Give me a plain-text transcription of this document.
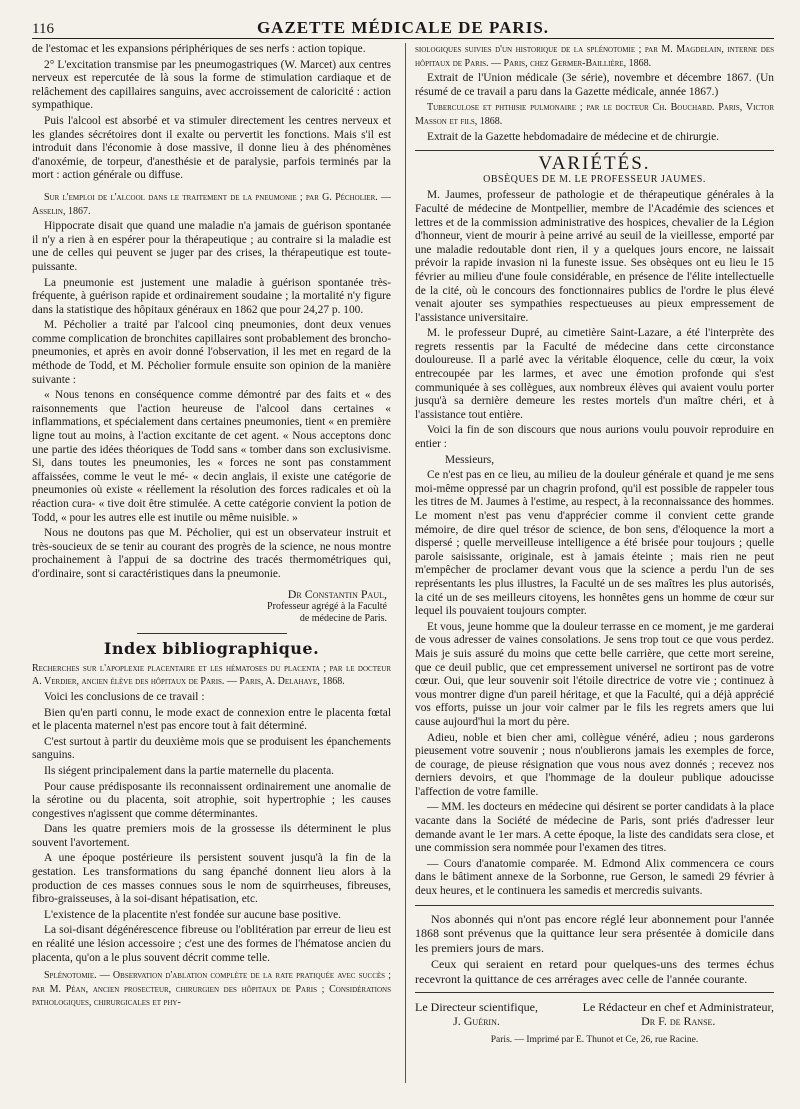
116	GAZETTE MÉDICALE DE PARIS.

de l'estomac et les expansions périphériques de ses nerfs : action topique.

2° L'excitation transmise par les pneumogastriques (W. Marcet) aux centres nerveux est repercutée de là sous la forme de stimulation cardiaque et de relâchement des capillaires sanguins, avec accroissement de caloricité : action sympathique.

Puis l'alcool est absorbé et va stimuler directement les centres nerveux et les glandes sécrétoires dont il exalte ou pervertit les fonctions. Mais s'il est introduit dans l'économie à dose massive, il donne lieu à des phénomènes d'anoxémie, de torpeur, d'anesthésie et de paralysie, parfois terminés par la mort : action générale ou diffuse.

Sur l'emploi de l'alcool dans le traitement de la pneumonie ; par G. Pécholier. — Asselin, 1867.

Hippocrate disait que quand une maladie n'a jamais de guérison spontanée il n'y a rien à en espérer pour la thérapeutique ; au contraire si la maladie est une de celles qui peuvent se juger par des crises, la thérapeutique est toute-puissante.

La pneumonie est justement une maladie à guérison spontanée très-fréquente, à guérison rapide et ordinairement soudaine ; la mortalité n'y figure dans la statistique des hôpitaux généraux en 1862 que pour 24,27 p. 100.

M. Pécholier a traité par l'alcool cinq pneumonies, dont deux venues comme complication de bronchites capillaires sont probablement des broncho-pneumonies, et après en avoir donné l'observation, il les met en regard de la méthode de Todd, et M. Pécholier formule ensuite son opinion de la manière suivante :

« Nous tenons en conséquence comme démontré par des faits et « des raisonnements que l'action heureuse de l'alcool dans certaines « inflammations, et spécialement dans certaines pneumonies, tient « en première ligne tout au moins, à l'action excitante de cet agent. « Nous acceptons donc une partie des idées théoriques de Todd sans « tomber dans son exclusivisme. Si, dans toutes les pneumonies, les « forces ne sont pas constamment affaissées, comme le veut le mé- « decin anglais, il existe une catégorie de pneumonies où existe « réellement la résolution des forces radicales et où la réaction cura- « tive doit être stimulée. A cette catégorie convient la potion de Todd, « pour les autres elle est inutile ou même nuisible. »

Nous ne doutons pas que M. Pécholier, qui est un observateur instruit et très-soucieux de se tenir au courant des progrès de la science, ne nous montre prochainement à l'appui de sa doctrine des tracés thermométriques qui, d'ordinaire, sont si caractéristiques dans la pneumonie.

Dr Constantin Paul,
Professeur agrégé à la Faculté
de médecine de Paris.
Index bibliographique.

Recherches sur l'apoplexie placentaire et les hématoses du placenta ; par le docteur A. Verdier, ancien élève des hôpitaux de Paris. — Paris, A. Delahaye, 1868.

Voici les conclusions de ce travail :

Bien qu'en parti connu, le mode exact de connexion entre le placenta fœtal et le placenta maternel n'est pas encore tout à fait déterminé.

C'est surtout à partir du deuxième mois que se produisent les épanchements sanguins.

Ils siégent principalement dans la partie maternelle du placenta.

Pour cause prédisposante ils reconnaissent ordinairement une anomalie de la sérotine ou du placenta, soit atrophie, soit hypertrophie ; les causes congestives n'agissent que comme déterminantes.

Dans les quatre premiers mois de la grossesse ils déterminent le plus souvent l'avortement.

A une époque postérieure ils persistent souvent jusqu'à la fin de la gestation. Les transformations du sang épanché donnent lieu alors à la production de ces masses connues sous le nom de squirrheuses, fibreuses, fibro-graisseuses, à la soi-disant hépatisation, etc.

L'existence de la placentite n'est fondée sur aucune base positive.

La soi-disant dégénérescence fibreuse ou l'oblitération par erreur de lieu est en réalité une lésion accessoire ; c'est une des formes de l'hématose ancien du placenta, qu'on a le plus souvent décrit comme telle.

Splénotomie. — Observation d'ablation complète de la rate pratiquée avec succès ; par M. Péan, ancien prosecteur, chirurgien des hôpitaux de Paris ; Considérations pathologiques, chirurgicales et phy-

siologiques suivies d'un historique de la splénotomie ; par M. Magdelain, interne des hôpitaux de Paris. — Paris, chez Germer-Baillière, 1868.

Extrait de l'Union médicale (3e série), novembre et décembre 1867. (Un résumé de ce travail a paru dans la Gazette médicale, année 1867.)

Tuberculose et phthisie pulmonaire ; par le docteur Ch. Bouchard. Paris, Victor Masson et fils, 1868.

Extrait de la Gazette hebdomadaire de médecine et de chirurgie.

VARIÉTÉS.
OBSÈQUES DE M. LE PROFESSEUR JAUMES.

M. Jaumes, professeur de pathologie et de thérapeutique générales à la Faculté de médecine de Montpellier, membre de l'Académie des sciences et lettres et de la commission administrative des hospices, chevalier de la Légion d'honneur, vient de mourir à peine arrivé au seuil de la vieillesse, emporté par une maladie redoutable dont rien, il y a quelques jours encore, ne laissait prévoir la rapide invasion ni la funeste issue. Ses obsèques ont eu lieu le 15 février au milieu d'une foule considérable, en présence de l'élite intellectuelle de la cité, où le concours des fonctionnaires publics de l'ordre le plus élevé venait ajouter ses sympathies respectueuses au pieux empressement de l'assistance universitaire.

M. le professeur Dupré, au cimetière Saint-Lazare, a été l'interprète des regrets ressentis par la Faculté de médecine dans cette circonstance douloureuse. Il a parlé avec la véritable éloquence, celle du cœur, la voix entrecoupée par les larmes, et avec une émotion profonde qui s'est communiquée à ses collègues, aux nombreux élèves qui avaient voulu porter jusqu'à sa dernière demeure les restes mortels d'un maître chéri, et à l'assistance tout entière.

Voici la fin de son discours que nous aurions voulu pouvoir reproduire en entier :

Messieurs,

Ce n'est pas en ce lieu, au milieu de la douleur générale et quand je me sens moi-même oppressé par un chagrin profond, qu'il est possible de rappeler tous les titres de M. Jaumes à l'estime, au respect, à la reconnaissance des hommes. Le moment n'est pas venu d'apprécier comme il convient cette grande mémoire, de dire quel trésor de science, de bon sens, d'éloquence la mort a dispersé ; quelle merveilleuse intelligence a été brisée pour toujours ; quelle parole saisissante, originale, est à jamais éteinte ; mais rien ne peut m'empêcher de proclamer devant vous que la science a perdu l'un de ses représentants les plus illustres, la Faculté un de ses maîtres les plus autorisés, la cité un de ses meilleurs citoyens, les honnêtes gens un homme de cœur sur lequel ils pouvaient toujours compter.

Et vous, jeune homme que la douleur terrasse en ce moment, je me garderai de vous adresser de vaines consolations. Je sens trop tout ce que vous perdez. Mais je suis assuré du moins que cette belle carrière, que cette mort sereine, que ce deuil public, que cet empressement universel ne sortiront pas de votre cœur. Oui, que leur souvenir soit l'étoile directrice de votre vie ; continuez à vous montrer digne d'un pareil héritage, et que la Faculté, qui a déjà apprécié vos efforts, puisse un jour voir calmer par le fils les regrets amers que lui cause aujourd'hui la mort du père.

Adieu, noble et bien cher ami, collègue vénéré, adieu ; nous garderons pieusement votre souvenir ; nous n'oublierons jamais les exemples de force, de courage, de pieuse résignation que vous nous avez donnés ; recevez nos derniers devoirs, et que l'hommage de la douleur publique adoucisse l'affection de votre famille.

— MM. les docteurs en médecine qui désirent se porter candidats à la place vacante dans la Société de médecine de Paris, sont priés d'adresser leur demande avant le 1er mars. A cette époque, la liste des candidats sera close, et une commission sera nommée pour l'examen des titres.

— Cours d'anatomie comparée. M. Edmond Alix commencera ce cours dans le bâtiment annexe de la Sorbonne, rue Gerson, le samedi 29 février à deux heures, et le continuera les samedis et mercredis suivants.

Nos abonnés qui n'ont pas encore réglé leur abonnement pour l'année 1868 sont prévenus que la quittance leur sera présentée à domicile dans les premiers jours de mars.

Ceux qui seraient en retard pour quelques-uns des termes échus recevront la quittance de ces arrérages avec celle de l'année courante.

Le Directeur scientifique,
J. Guérin.
Le Rédacteur en chef et Administrateur,
Dr F. de Ranse.
Paris. — Imprimé par E. Thunot et Ce, 26, rue Racine.
